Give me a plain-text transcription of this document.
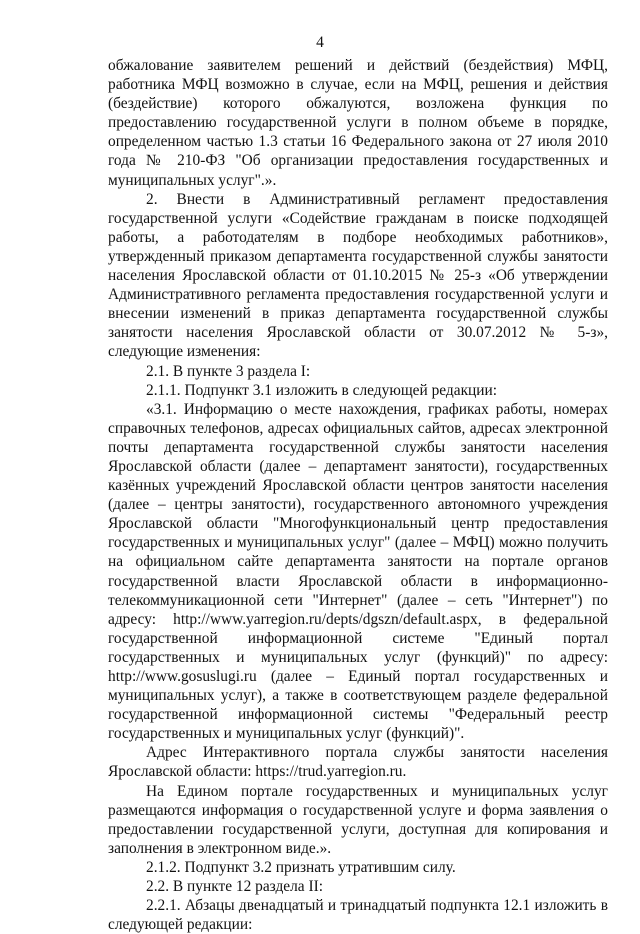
4

обжалование заявителем решений и действий (бездействия) МФЦ, работника МФЦ возможно в случае, если на МФЦ, решения и действия (бездействие) которого обжалуются, возложена функция по предоставлению государственной услуги в полном объеме в порядке, определенном частью 1.3 статьи 16 Федерального закона от 27 июля 2010 года № 210-ФЗ "Об организации предоставления государственных и муниципальных услуг".».

2. Внести в Административный регламент предоставления государственной услуги «Содействие гражданам в поиске подходящей работы, а работодателям в подборе необходимых работников», утвержденный приказом департамента государственной службы занятости населения Ярославской области от 01.10.2015 № 25-з «Об утверждении Административного регламента предоставления государственной услуги и внесении изменений в приказ департамента государственной службы занятости населения Ярославской области от 30.07.2012 № 5-з», следующие изменения:

2.1. В пункте 3 раздела I:

2.1.1. Подпункт 3.1 изложить в следующей редакции:

«3.1. Информацию о месте нахождения, графиках работы, номерах справочных телефонов, адресах официальных сайтов, адресах электронной почты департамента государственной службы занятости населения Ярославской области (далее – департамент занятости), государственных казённых учреждений Ярославской области центров занятости населения (далее – центры занятости), государственного автономного учреждения Ярославской области "Многофункциональный центр предоставления государственных и муниципальных услуг" (далее – МФЦ) можно получить на официальном сайте департамента занятости на портале органов государственной власти Ярославской области в информационно-телекоммуникационной сети "Интернет" (далее – сеть "Интернет") по адресу: http://www.yarregion.ru/depts/dgszn/default.aspx, в федеральной государственной информационной системе "Единый портал государственных и муниципальных услуг (функций)" по адресу: http://www.gosuslugi.ru (далее – Единый портал государственных и муниципальных услуг), а также в соответствующем разделе федеральной государственной информационной системы "Федеральный реестр государственных и муниципальных услуг (функций)".

Адрес Интерактивного портала службы занятости населения Ярославской области: https://trud.yarregion.ru.

На Едином портале государственных и муниципальных услуг размещаются информация о государственной услуге и форма заявления о предоставлении государственной услуги, доступная для копирования и заполнения в электронном виде.».

2.1.2. Подпункт 3.2 признать утратившим силу.

2.2. В пункте 12 раздела II:

2.2.1. Абзацы двенадцатый и тринадцатый подпункта 12.1 изложить в следующей редакции:
